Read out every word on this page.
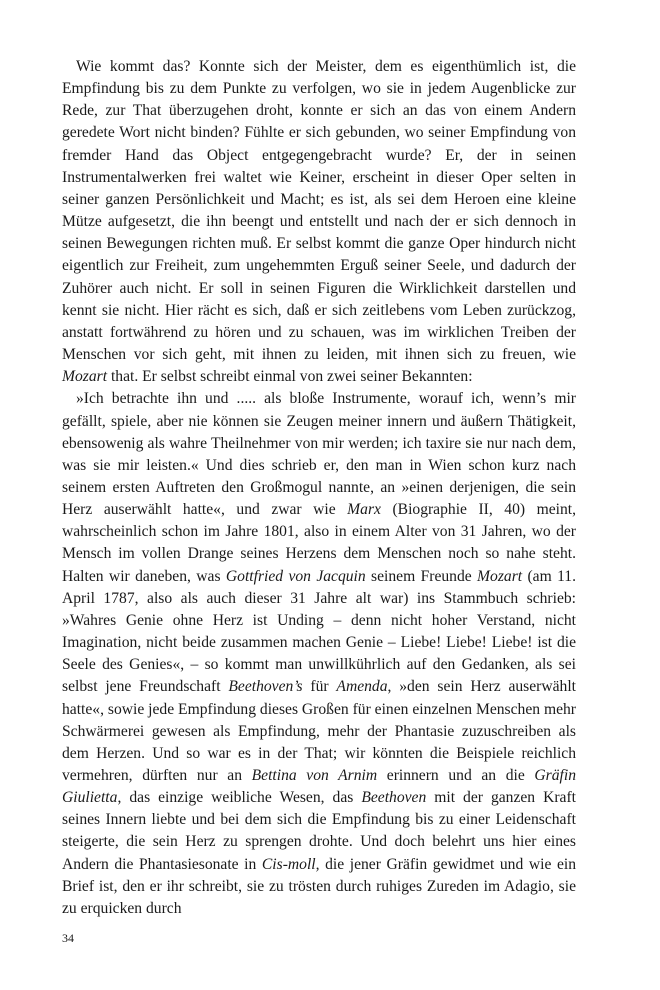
Wie kommt das? Konnte sich der Meister, dem es eigenthümlich ist, die Empfindung bis zu dem Punkte zu verfolgen, wo sie in jedem Augenblicke zur Rede, zur That überzugehen droht, konnte er sich an das von einem Andern geredete Wort nicht binden? Fühlte er sich gebunden, wo seiner Empfindung von fremder Hand das Object entgegengebracht wurde? Er, der in seinen Instrumentalwerken frei waltet wie Keiner, erscheint in dieser Oper selten in seiner ganzen Persönlichkeit und Macht; es ist, als sei dem Heroen eine kleine Mütze aufgesetzt, die ihn beengt und entstellt und nach der er sich dennoch in seinen Bewegungen richten muß. Er selbst kommt die ganze Oper hindurch nicht eigentlich zur Freiheit, zum ungehemmten Erguß seiner Seele, und dadurch der Zuhörer auch nicht. Er soll in seinen Figuren die Wirklichkeit darstellen und kennt sie nicht. Hier rächt es sich, daß er sich zeitlebens vom Leben zurückzog, anstatt fortwährend zu hören und zu schauen, was im wirklichen Treiben der Menschen vor sich geht, mit ihnen zu leiden, mit ihnen sich zu freuen, wie Mozart that. Er selbst schreibt einmal von zwei seiner Bekannten:

»Ich betrachte ihn und ..... als bloße Instrumente, worauf ich, wenn’s mir gefällt, spiele, aber nie können sie Zeugen meiner innern und äußern Thätigkeit, ebensowenig als wahre Theilnehmer von mir werden; ich taxire sie nur nach dem, was sie mir leisten.« Und dies schrieb er, den man in Wien schon kurz nach seinem ersten Auftreten den Großmogul nannte, an »einen derjenigen, die sein Herz auserwählt hatte«, und zwar wie Marx (Biographie II, 40) meint, wahrscheinlich schon im Jahre 1801, also in einem Alter von 31 Jahren, wo der Mensch im vollen Drange seines Herzens dem Menschen noch so nahe steht. Halten wir daneben, was Gottfried von Jacquin seinem Freunde Mozart (am 11. April 1787, also als auch dieser 31 Jahre alt war) ins Stammbuch schrieb: »Wahres Genie ohne Herz ist Unding – denn nicht hoher Verstand, nicht Imagination, nicht beide zusammen machen Genie – Liebe! Liebe! Liebe! ist die Seele des Genies«, – so kommt man unwillkührlich auf den Gedanken, als sei selbst jene Freundschaft Beethoven’s für Amenda, »den sein Herz auserwählt hatte«, sowie jede Empfindung dieses Großen für einen einzelnen Menschen mehr Schwärmerei gewesen als Empfindung, mehr der Phantasie zuzuschreiben als dem Herzen. Und so war es in der That; wir könnten die Beispiele reichlich vermehren, dürften nur an Bettina von Arnim erinnern und an die Gräfin Giulietta, das einzige weibliche Wesen, das Beethoven mit der ganzen Kraft seines Innern liebte und bei dem sich die Empfindung bis zu einer Leidenschaft steigerte, die sein Herz zu sprengen drohte. Und doch belehrt uns hier eines Andern die Phantasiesonate in Cis-moll, die jener Gräfin gewidmet und wie ein Brief ist, den er ihr schreibt, sie zu trösten durch ruhiges Zureden im Adagio, sie zu erquicken durch

34
